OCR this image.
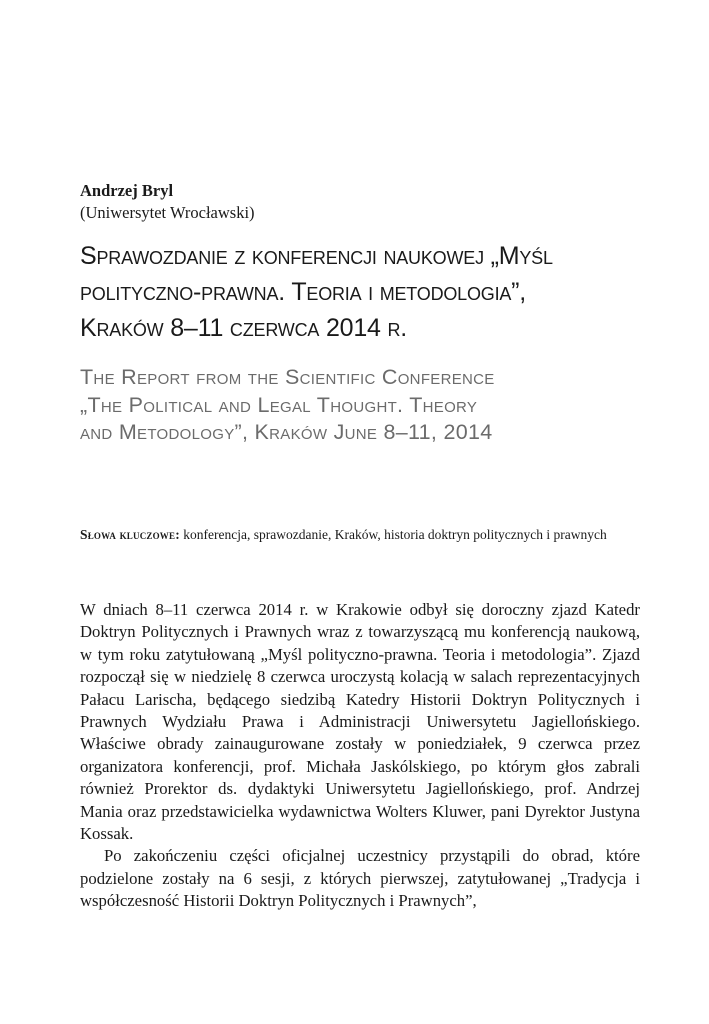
Andrzej Bryl
(Uniwersytet Wrocławski)
Sprawozdanie z konferencji naukowej „Myśl
polityczno-prawna. Teoria i metodologia”,
Kraków 8–11 czerwca 2014 r.
The Report from the Scientific Conference
„The Political and Legal Thought. Theory
and Metodology”, Kraków June 8–11, 2014
Słowa kluczowe: konferencja, sprawozdanie, Kraków, historia doktryn politycznych i prawnych

W dniach 8–11 czerwca 2014 r. w Krakowie odbył się doroczny zjazd Katedr Doktryn Politycznych i Prawnych wraz z towarzyszącą mu konferencją naukową, w tym roku zatytułowaną „Myśl polityczno-prawna. Teoria i metodologia”. Zjazd rozpoczął się w niedzielę 8 czerwca uroczystą kolacją w salach reprezentacyjnych Pałacu Larischa, będącego siedzibą Katedry Historii Doktryn Politycznych i Prawnych Wydziału Prawa i Administracji Uniwersytetu Jagiellońskiego. Właściwe obrady zainaugurowane zostały w poniedziałek, 9 czerwca przez organizatora konferencji, prof. Michała Jaskólskiego, po którym głos zabrali również Prorektor ds. dydaktyki Uniwersytetu Jagiellońskiego, prof. Andrzej Mania oraz przedstawicielka wydawnictwa Wolters Kluwer, pani Dyrektor Justyna Kossak.

Po zakończeniu części oficjalnej uczestnicy przystąpili do obrad, które podzielone zostały na 6 sesji, z których pierwszej, zatytułowanej „Tradycja i współczesność Historii Doktryn Politycznych i Prawnych”,
